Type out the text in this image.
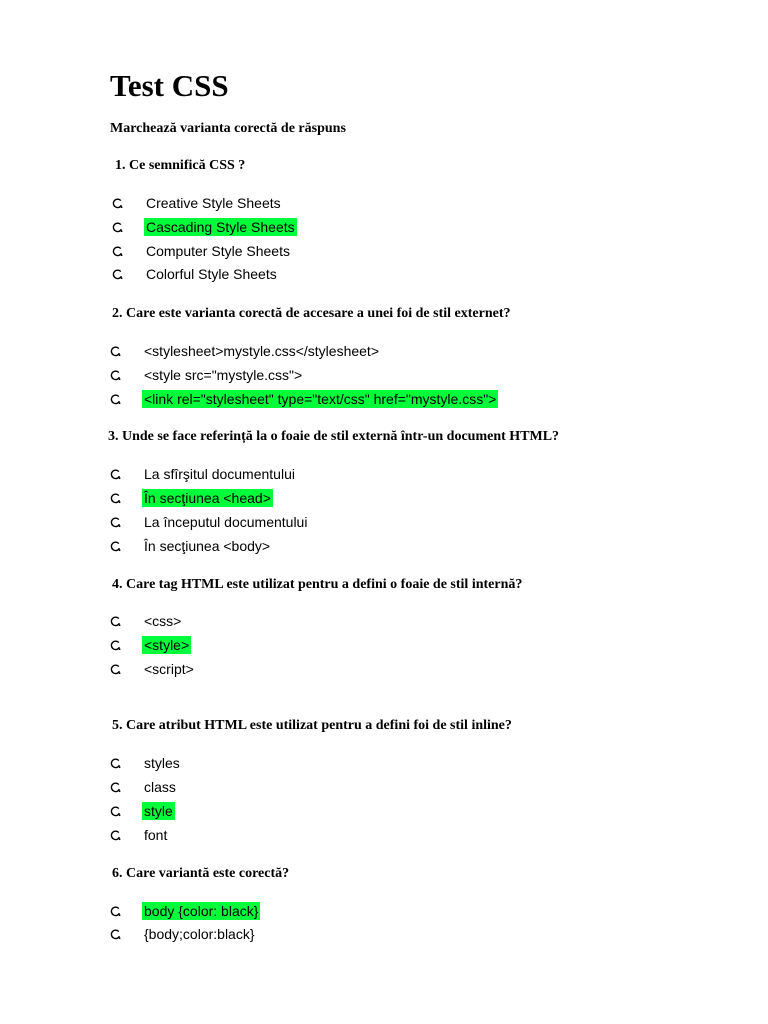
Test CSS
Marchează varianta corectă de răspuns
1. Ce semnifică CSS ?
Creative Style Sheets
Cascading Style Sheets
Computer Style Sheets
Colorful Style Sheets
2. Care este varianta corectă de accesare a unei foi de stil externet?
<stylesheet>mystyle.css</stylesheet>
<style src="mystyle.css">
<link rel="stylesheet" type="text/css" href="mystyle.css">
3. Unde se face referință la o foaie de stil externă într-un document HTML?
La sfîrşitul documentului
În secţiunea <head>
La începutul documentului
În secţiunea <body>
4. Care tag HTML este utilizat pentru a defini o foaie de stil internă?
<css>
<style>
<script>
5. Care atribut HTML este utilizat pentru a defini foi de stil inline?
styles
class
style
font
6. Care variantă este corectă?
body {color: black}
{body;color:black}
